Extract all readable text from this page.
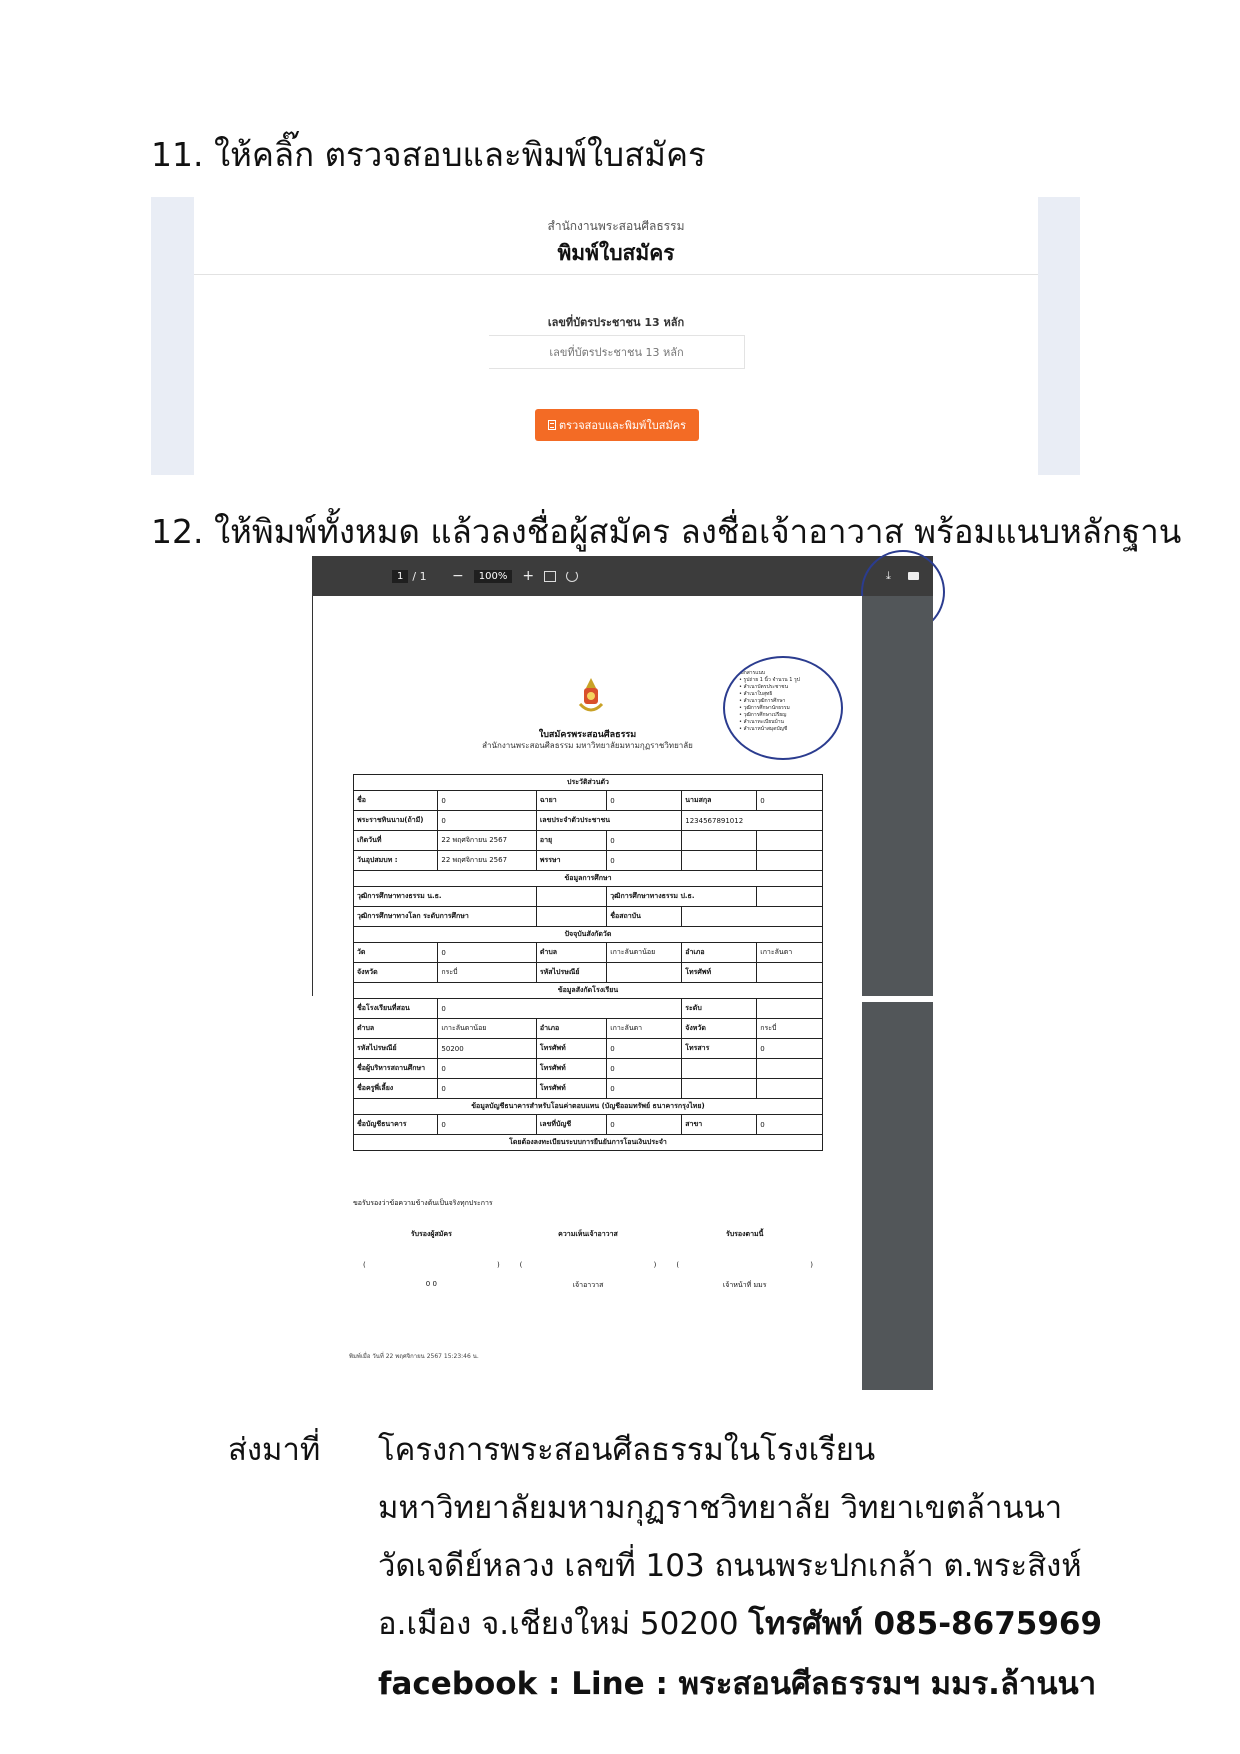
11. ให้คลิ๊ก ตรวจสอบและพิมพ์ใบสมัคร
สำนักงานพระสอนศีลธรรม
พิมพ์ใบสมัคร
เลขที่บัตรประชาชน 13 หลัก
เลขที่บัตรประชาชน 13 หลัก
ตรวจสอบและพิมพ์ใบสมัคร
12. ให้พิมพ์ทั้งหมด แล้วลงชื่อผู้สมัคร ลงชื่อเจ้าอาวาส พร้อมแนบหลักฐาน
1 / 1 −	100%	+	⤓
ใบสมัครพระสอนศีลธรรม
สำนักงานพระสอนศีลธรรม มหาวิทยาลัยมหามกุฏราชวิทยาลัย
เอกสารแนบ
• รูปถ่าย 1 นิ้ว จำนวน 1 รูป
• สำเนาบัตรประชาชน
• สำเนาใบสุทธิ
• สำเนาวุฒิการศึกษา
• วุฒิการศึกษานักธรรม
• วุฒิการศึกษาเปรียญ
• สำเนาทะเบียนบ้าน
• สำเนาหน้าสมุดบัญชี
ประวัติส่วนตัว					
ชื่อ	0	ฉายา	0	นามสกุล	0
พระราชทินนาม(ถ้ามี)	0	เลขประจำตัวประชาชน		1234567891012	
เกิดวันที่	22 พฤศจิกายน 2567	อายุ	0		
วันอุปสมบท :	22 พฤศจิกายน 2567	พรรษา	0		
ข้อมูลการศึกษา					
วุฒิการศึกษาทางธรรม น.ธ.			วุฒิการศึกษาทางธรรม ป.ธ.		
วุฒิการศึกษาทางโลก ระดับการศึกษา			ชื่อสถาบัน		
ปัจจุบันสังกัดวัด					
วัด	0	ตำบล	เกาะลันตาน้อย	อำเภอ	เกาะลันตา
จังหวัด	กระบี่	รหัสไปรษณีย์		โทรศัพท์	
ข้อมูลสังกัดโรงเรียน					
ชื่อโรงเรียนที่สอน	0			ระดับ	
ตำบล	เกาะลันตาน้อย	อำเภอ	เกาะลันตา	จังหวัด	กระบี่
รหัสไปรษณีย์	50200	โทรศัพท์	0	โทรสาร	0
ชื่อผู้บริหารสถานศึกษา	0	โทรศัพท์	0		
ชื่อครูพี่เลี้ยง	0	โทรศัพท์	0		
ข้อมูลบัญชีธนาคารสำหรับโอนค่าตอบแทน (บัญชีออมทรัพย์ ธนาคารกรุงไทย)					
ชื่อบัญชีธนาคาร	0	เลขที่บัญชี	0	สาขา	0
โดยต้องลงทะเบียนระบบการยืนยันการโอนเงินประจำ					
ขอรับรองว่าข้อความข้างต้นเป็นจริงทุกประการ
รับรองผู้สมัคร	ความเห็นเจ้าอาวาส	รับรองตามนี้
(	)	(	)	(	)
0 0	เจ้าอาวาส	เจ้าหน้าที่ มมร
พิมพ์เมื่อ วันที่ 22 พฤศจิกายน 2567 15:23:46 น.
ส่งมาที่ โครงการพระสอนศีลธรรมในโรงเรียน
มหาวิทยาลัยมหามกุฏราชวิทยาลัย วิทยาเขตล้านนา
วัดเจดีย์หลวง เลขที่ 103 ถนนพระปกเกล้า ต.พระสิงห์
อ.เมือง จ.เชียงใหม่ 50200 โทรศัพท์ 085-8675969
facebook : Line : พระสอนศีลธรรมฯ มมร.ล้านนา
